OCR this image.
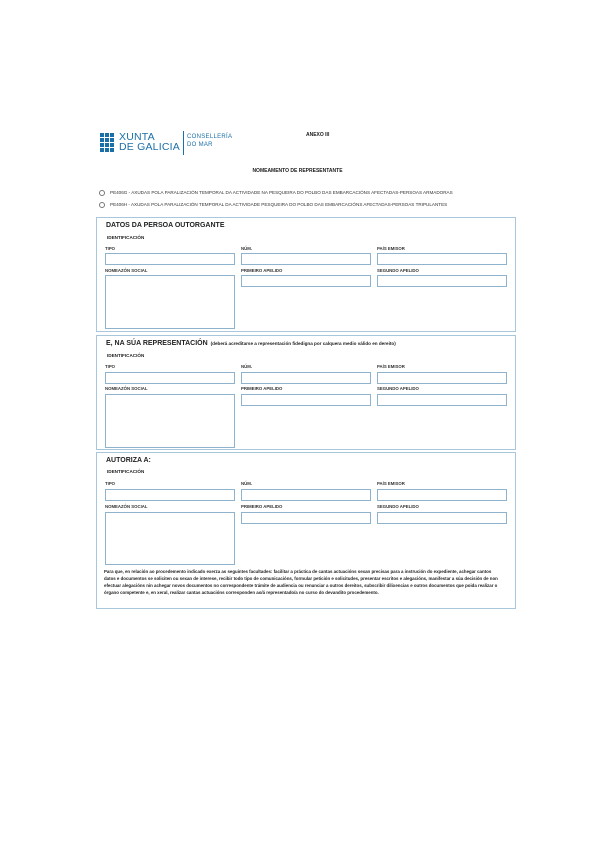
XUNTA
DE GALICIA
CONSELLERÍA
DO MAR
ANEXO III
NOMEAMENTO DE REPRESENTANTE
PE406G - AXUDAS POLA PARALIZACIÓN TEMPORAL DA ACTIVIDADE NA PESQUEIRA DO POLBO DAS EMBARCACIÓNS AFECTADAS-PERSOAS ARMADORAS
PE406H - AXUDAS POLA PARALIZACIÓN TEMPORAL DA ACTIVIDADE PESQUEIRA DO POLBO DAS EMBARCACIÓNS AFECTADAS-PERSOAS TRIPULANTES
DATOS DA PERSOA OUTORGANTE
IDENTIFICACIÓN
TIPO	NÚM.	PAÍS EMISOR
NOMEAZÓN SOCIAL	PRIMEIRO APELIDO	SEGUNDO APELIDO
E, NA SÚA REPRESENTACIÓN (deberá acreditarse a representación fidedigna por calquera medio válido en dereito)
IDENTIFICACIÓN
TIPO	NÚM.	PAÍS EMISOR
NOMEAZÓN SOCIAL	PRIMEIRO APELIDO	SEGUNDO APELIDO
AUTORIZA A:
IDENTIFICACIÓN
TIPO	NÚM.	PAÍS EMISOR
NOMEAZÓN SOCIAL	PRIMEIRO APELIDO	SEGUNDO APELIDO
Para que, en relación ao procedemento indicado exerza as seguintes facultades: facilitar a práctica de cantas actuacións sexan precisas para a instrución do expediente, achegar cantos datos e documentos se soliciten ou sexan de interese, recibir todo tipo de comunicacións, formular petición e solicitudes, presentar escritos e alegacións, manifestar a súa decisión de non efectuar alegacións nin achegar novos documentos no correspondente trámite de audiencia ou renunciar a outros dereitos, subscribir dilixencias e outros documentos que poida realizar o órgano competente e, en xeral, realizar cantas actuacións corresponden ao/á representado/a no curso do devandito procedemento.
